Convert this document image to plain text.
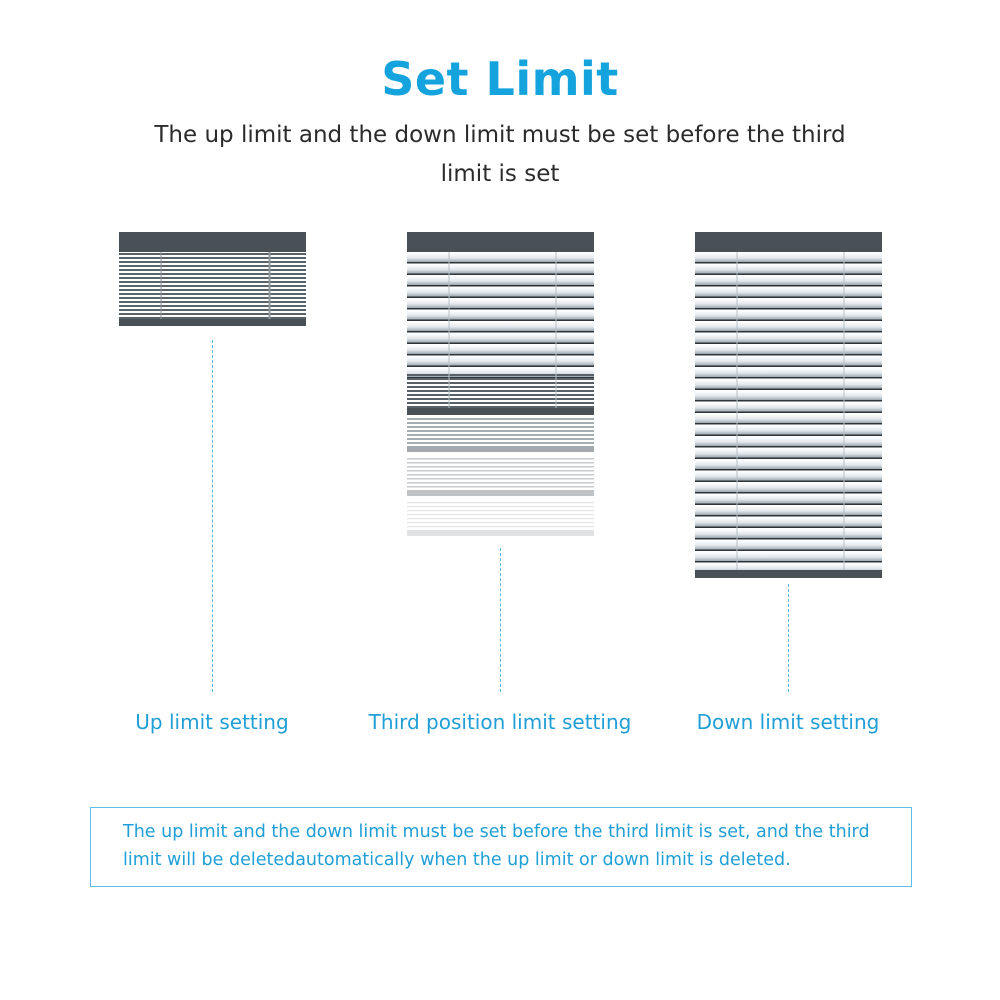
Set Limit
The up limit and the down limit must be set before the third limit is set
Up limit setting	Third position limit setting	Down limit setting
The up limit and the down limit must be set before the third limit is set, and the third limit will be deletedautomatically when the up limit or down limit is deleted.
